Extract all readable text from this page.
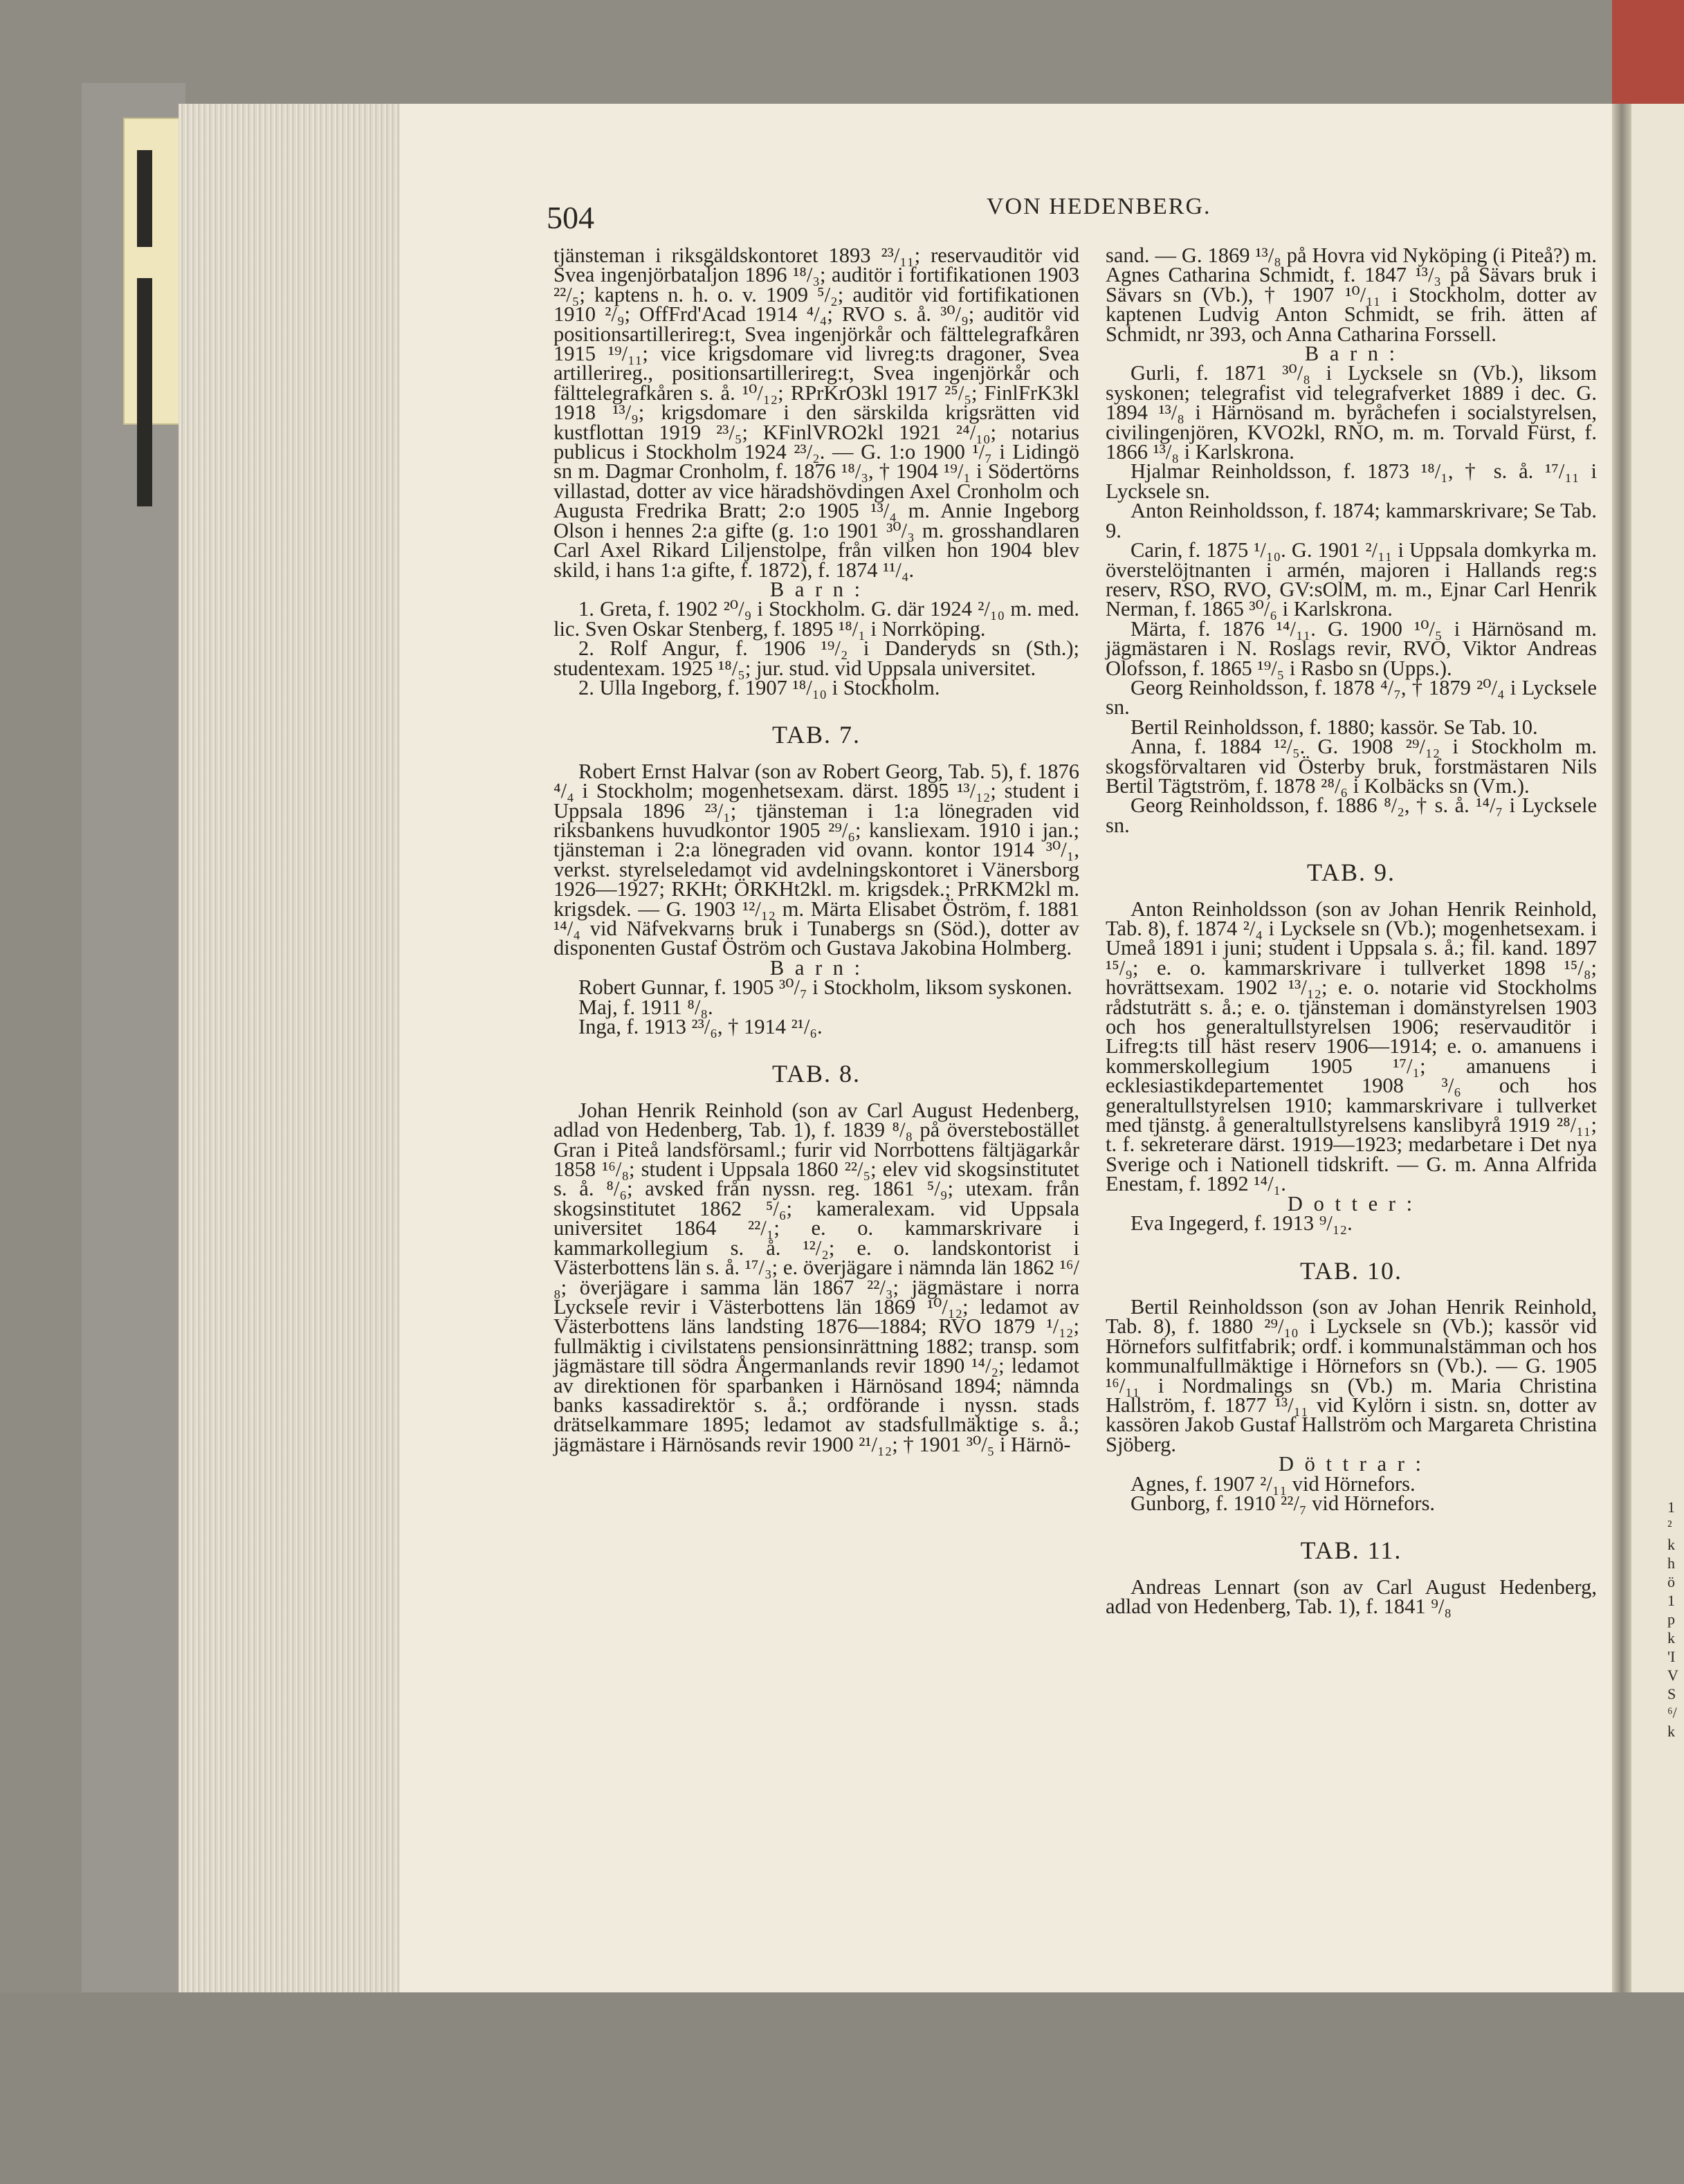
1
²
k
h
ö
1
p
k
'I
V
S
⁶/
k
504	VON HEDENBERG.

tjänsteman i riksgäldskontoret 1893 ²³/₁₁; reservauditör vid Svea ingenjörbataljon 1896 ¹⁸/₃; auditör i fortifikationen 1903 ²²/₅; kaptens n. h. o. v. 1909 ⁵/₂; auditör vid fortifikationen 1910 ²/₉; OffFrd'Acad 1914 ⁴/₄; RVO s. å. ³⁰/₉; auditör vid positionsartillerireg:t, Svea ingenjörkår och fälttelegrafkåren 1915 ¹⁹/₁₁; vice krigsdomare vid livreg:ts dragoner, Svea artillerireg., positionsartillerireg:t, Svea ingenjörkår och fälttelegrafkåren s. å. ¹⁰/₁₂; RPrKrO3kl 1917 ²⁵/₅; FinlFrK3kl 1918 ¹³/₉; krigsdomare i den särskilda krigsrätten vid kustflottan 1919 ²³/₅; KFinlVRO2kl 1921 ²⁴/₁₀; notarius publicus i Stockholm 1924 ²³/₂. — G. 1:o 1900 ¹/₇ i Lidingö sn m. Dagmar Cronholm, f. 1876 ¹⁸/₃, † 1904 ¹⁹/₁ i Södertörns villastad, dotter av vice häradshövdingen Axel Cronholm och Augusta Fredrika Bratt; 2:o 1905 ¹³/₄ m. Annie Ingeborg Olson i hennes 2:a gifte (g. 1:o 1901 ³⁰/₃ m. grosshandlaren Carl Axel Rikard Liljenstolpe, från vilken hon 1904 blev skild, i hans 1:a gifte, f. 1872), f. 1874 ¹¹/₄.

B a r n :

1. Greta, f. 1902 ²⁰/₉ i Stockholm. G. där 1924 ²/₁₀ m. med. lic. Sven Oskar Stenberg, f. 1895 ¹⁸/₁ i Norrköping.

2. Rolf Angur, f. 1906 ¹⁹/₂ i Danderyds sn (Sth.); studentexam. 1925 ¹⁸/₅; jur. stud. vid Uppsala universitet.

2. Ulla Ingeborg, f. 1907 ¹⁸/₁₀ i Stockholm.

TAB. 7.

Robert Ernst Halvar (son av Robert Georg, Tab. 5), f. 1876 ⁴/₄ i Stockholm; mogenhetsexam. därst. 1895 ¹³/₁₂; student i Uppsala 1896 ²³/₁; tjänsteman i 1:a lönegraden vid riksbankens huvudkontor 1905 ²⁹/₆; kansliexam. 1910 i jan.; tjänsteman i 2:a lönegraden vid ovann. kontor 1914 ³⁰/₁, verkst. styrelseledamot vid avdelningskontoret i Vänersborg 1926—1927; RKHt; ÖRKHt2kl. m. krigsdek.; PrRKM2kl m. krigsdek. — G. 1903 ¹²/₁₂ m. Märta Elisabet Öström, f. 1881 ¹⁴/₄ vid Näfvekvarns bruk i Tunabergs sn (Söd.), dotter av disponenten Gustaf Öström och Gustava Jakobina Holmberg.

B a r n :

Robert Gunnar, f. 1905 ³⁰/₇ i Stockholm, liksom syskonen.

Maj, f. 1911 ⁸/₈.

Inga, f. 1913 ²³/₆, † 1914 ²¹/₆.

TAB. 8.

Johan Henrik Reinhold (son av Carl August Hedenberg, adlad von Hedenberg, Tab. 1), f. 1839 ⁸/₈ på överstebostället Gran i Piteå landsförsaml.; furir vid Norrbottens fältjägarkår 1858 ¹⁶/₈; student i Uppsala 1860 ²²/₅; elev vid skogsinstitutet s. å. ⁸/₆; avsked från nyssn. reg. 1861 ⁵/₉; utexam. från skogsinstitutet 1862 ⁵/₆; kameralexam. vid Uppsala universitet 1864 ²²/₁; e. o. kammarskrivare i kammarkollegium s. å. ¹²/₂; e. o. landskontorist i Västerbottens län s. å. ¹⁷/₃; e. överjägare i nämnda län 1862 ¹⁶/₈; överjägare i samma län 1867 ²²/₃; jägmästare i norra Lycksele revir i Västerbottens län 1869 ¹⁰/₁₂; ledamot av Västerbottens läns landsting 1876—1884; RVO 1879 ¹/₁₂; fullmäktig i civilstatens pensionsinrättning 1882; transp. som jägmästare till södra Ångermanlands revir 1890 ¹⁴/₂; ledamot av direktionen för sparbanken i Härnösand 1894; nämnda banks kassadirektör s. å.; ordförande i nyssn. stads drätselkammare 1895; ledamot av stadsfullmäktige s. å.; jägmästare i Härnösands revir 1900 ²¹/₁₂; † 1901 ³⁰/₅ i Härnö-

sand. — G. 1869 ¹³/₈ på Hovra vid Nyköping (i Piteå?) m. Agnes Catharina Schmidt, f. 1847 ¹³/₃ på Sävars bruk i Sävars sn (Vb.), † 1907 ¹⁰/₁₁ i Stockholm, dotter av kaptenen Ludvig Anton Schmidt, se frih. ätten af Schmidt, nr 393, och Anna Catharina Forssell.

B a r n :

Gurli, f. 1871 ³⁰/₈ i Lycksele sn (Vb.), liksom syskonen; telegrafist vid telegrafverket 1889 i dec. G. 1894 ¹³/₈ i Härnösand m. byråchefen i socialstyrelsen, civilingenjören, KVO2kl, RNO, m. m. Torvald Fürst, f. 1866 ¹³/₈ i Karlskrona.

Hjalmar Reinholdsson, f. 1873 ¹⁸/₁, † s. å. ¹⁷/₁₁ i Lycksele sn.

Anton Reinholdsson, f. 1874; kammarskrivare; Se Tab. 9.

Carin, f. 1875 ¹/₁₀. G. 1901 ²/₁₁ i Uppsala domkyrka m. överstelöjtnanten i armén, majoren i Hallands reg:s reserv, RSO, RVO, GV:sOlM, m. m., Ejnar Carl Henrik Nerman, f. 1865 ³⁰/₆ i Karlskrona.

Märta, f. 1876 ¹⁴/₁₁. G. 1900 ¹⁰/₅ i Härnösand m. jägmästaren i N. Roslags revir, RVO, Viktor Andreas Olofsson, f. 1865 ¹⁹/₅ i Rasbo sn (Upps.).

Georg Reinholdsson, f. 1878 ⁴/₇, † 1879 ²⁰/₄ i Lycksele sn.

Bertil Reinholdsson, f. 1880; kassör. Se Tab. 10.

Anna, f. 1884 ¹²/₅. G. 1908 ²⁹/₁₂ i Stockholm m. skogsförvaltaren vid Österby bruk, forstmästaren Nils Bertil Tägtström, f. 1878 ²⁸/₆ i Kolbäcks sn (Vm.).

Georg Reinholdsson, f. 1886 ⁸/₂, † s. å. ¹⁴/₇ i Lycksele sn.

TAB. 9.

Anton Reinholdsson (son av Johan Henrik Reinhold, Tab. 8), f. 1874 ²/₄ i Lycksele sn (Vb.); mogenhetsexam. i Umeå 1891 i juni; student i Uppsala s. å.; fil. kand. 1897 ¹⁵/₉; e. o. kammarskrivare i tullverket 1898 ¹⁵/₈; hovrättsexam. 1902 ¹³/₁₂; e. o. notarie vid Stockholms rådstuträtt s. å.; e. o. tjänsteman i domänstyrelsen 1903 och hos generaltullstyrelsen 1906; reservauditör i Lifreg:ts till häst reserv 1906—1914; e. o. amanuens i kommerskollegium 1905 ¹⁷/₁; amanuens i ecklesiastikdepartementet 1908 ³/₆ och hos generaltullstyrelsen 1910; kammarskrivare i tullverket med tjänstg. å generaltullstyrelsens kanslibyrå 1919 ²⁸/₁₁; t. f. sekreterare därst. 1919—1923; medarbetare i Det nya Sverige och i Nationell tidskrift. — G. m. Anna Alfrida Enestam, f. 1892 ¹⁴/₁.

D o t t e r :

Eva Ingegerd, f. 1913 ⁹/₁₂.

TAB. 10.

Bertil Reinholdsson (son av Johan Henrik Reinhold, Tab. 8), f. 1880 ²⁹/₁₀ i Lycksele sn (Vb.); kassör vid Hörnefors sulfitfabrik; ordf. i kommunalstämman och hos kommunalfullmäktige i Hörnefors sn (Vb.). — G. 1905 ¹⁶/₁₁ i Nordmalings sn (Vb.) m. Maria Christina Hallström, f. 1877 ¹³/₁₁ vid Kylörn i sistn. sn, dotter av kassören Jakob Gustaf Hallström och Margareta Christina Sjöberg.

D ö t t r a r :

Agnes, f. 1907 ²/₁₁ vid Hörnefors.

Gunborg, f. 1910 ²²/₇ vid Hörnefors.

TAB. 11.

Andreas Lennart (son av Carl August Hedenberg, adlad von Hedenberg, Tab. 1), f. 1841 ⁹/₈
